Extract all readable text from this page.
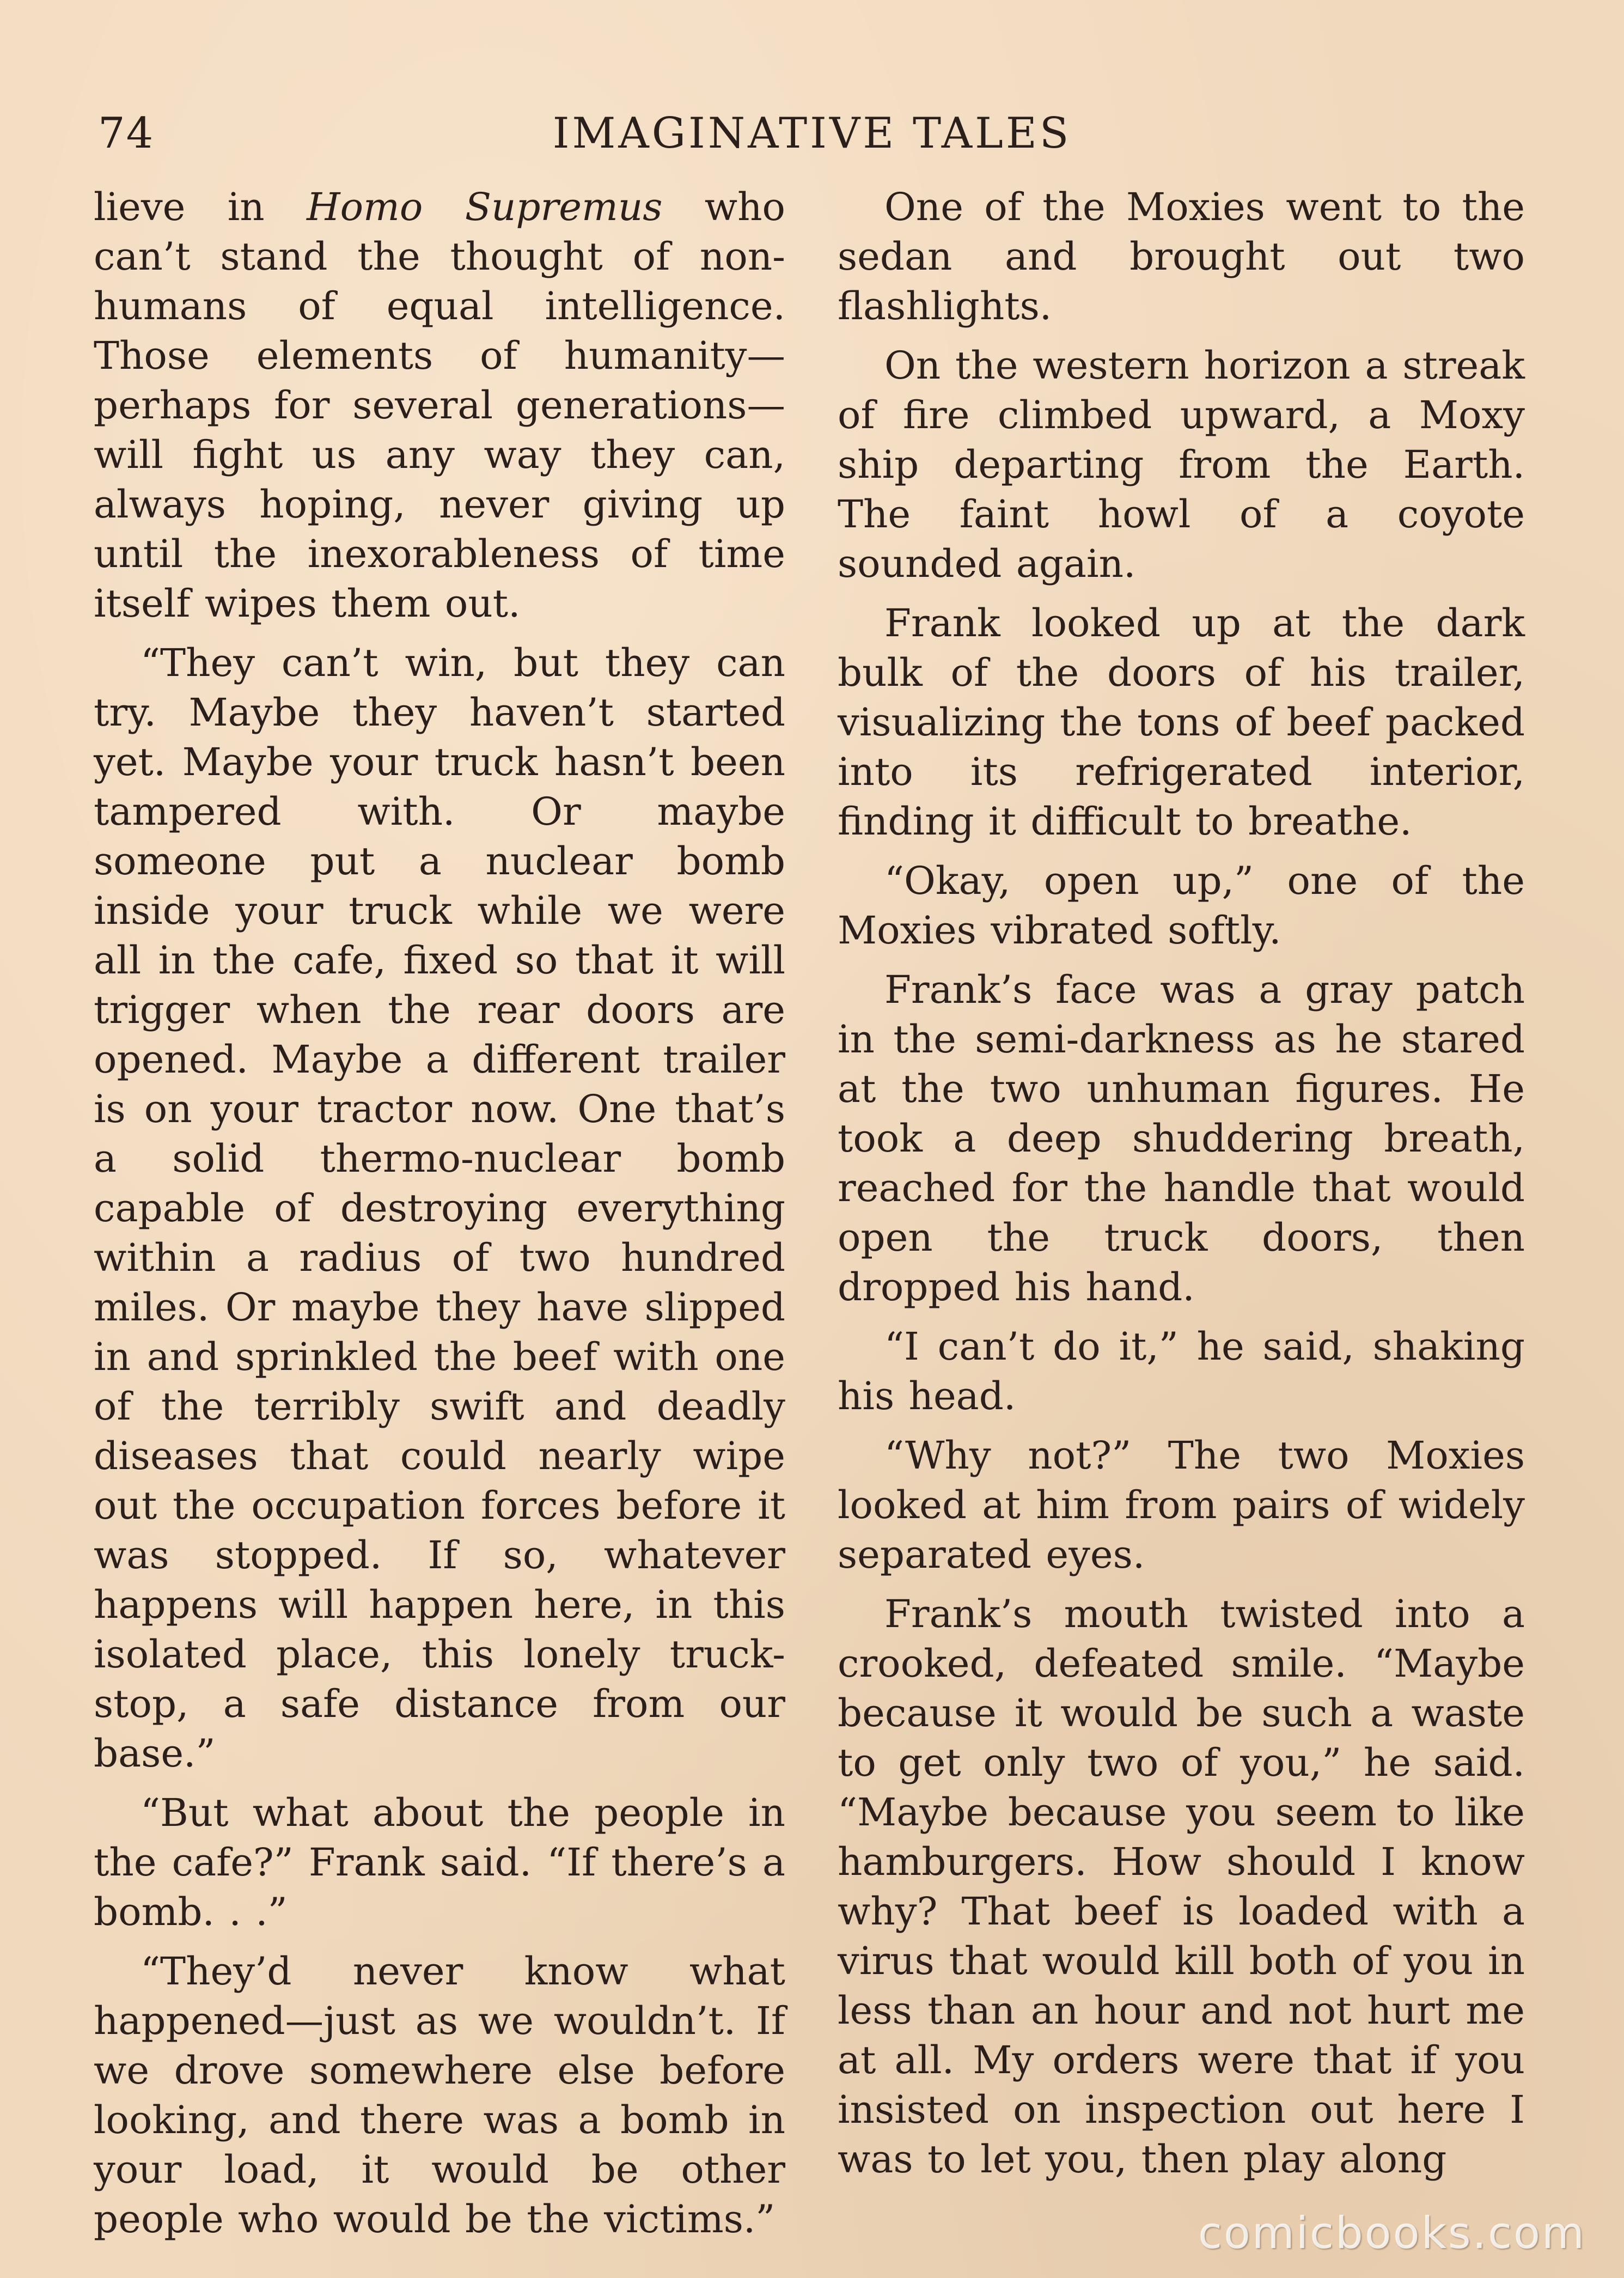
74	IMAGINATIVE TALES

lieve in Homo Supremus who can’t stand the thought of non-humans of equal intelligence. Those elements of humanity—perhaps for several generations—will fight us any way they can, always hoping, never giving up until the inexorableness of time itself wipes them out.

“They can’t win, but they can try. Maybe they haven’t started yet. Maybe your truck hasn’t been tampered with. Or maybe someone put a nuclear bomb inside your truck while we were all in the cafe, fixed so that it will trigger when the rear doors are opened. Maybe a different trailer is on your tractor now. One that’s a solid thermo-nuclear bomb capable of destroying everything within a radius of two hundred miles. Or maybe they have slipped in and sprinkled the beef with one of the terribly swift and deadly diseases that could nearly wipe out the occupation forces before it was stopped. If so, whatever happens will happen here, in this isolated place, this lonely truck-stop, a safe distance from our base.”

“But what about the people in the cafe?” Frank said. “If there’s a bomb. . .”

“They’d never know what happened—just as we wouldn’t. If we drove somewhere else before looking, and there was a bomb in your load, it would be other people who would be the victims.”

One of the Moxies went to the sedan and brought out two flashlights.

On the western horizon a streak of fire climbed upward, a Moxy ship departing from the Earth. The faint howl of a coyote sounded again.

Frank looked up at the dark bulk of the doors of his trailer, visualizing the tons of beef packed into its refrigerated interior, finding it difficult to breathe.

“Okay, open up,” one of the Moxies vibrated softly.

Frank’s face was a gray patch in the semi-darkness as he stared at the two unhuman figures. He took a deep shuddering breath, reached for the handle that would open the truck doors, then dropped his hand.

“I can’t do it,” he said, shaking his head.

“Why not?” The two Moxies looked at him from pairs of widely separated eyes.

Frank’s mouth twisted into a crooked, defeated smile. “Maybe because it would be such a waste to get only two of you,” he said. “Maybe because you seem to like hamburgers. How should I know why? That beef is loaded with a virus that would kill both of you in less than an hour and not hurt me at all. My orders were that if you insisted on inspection out here I was to let you, then play along

comicbooks.com
